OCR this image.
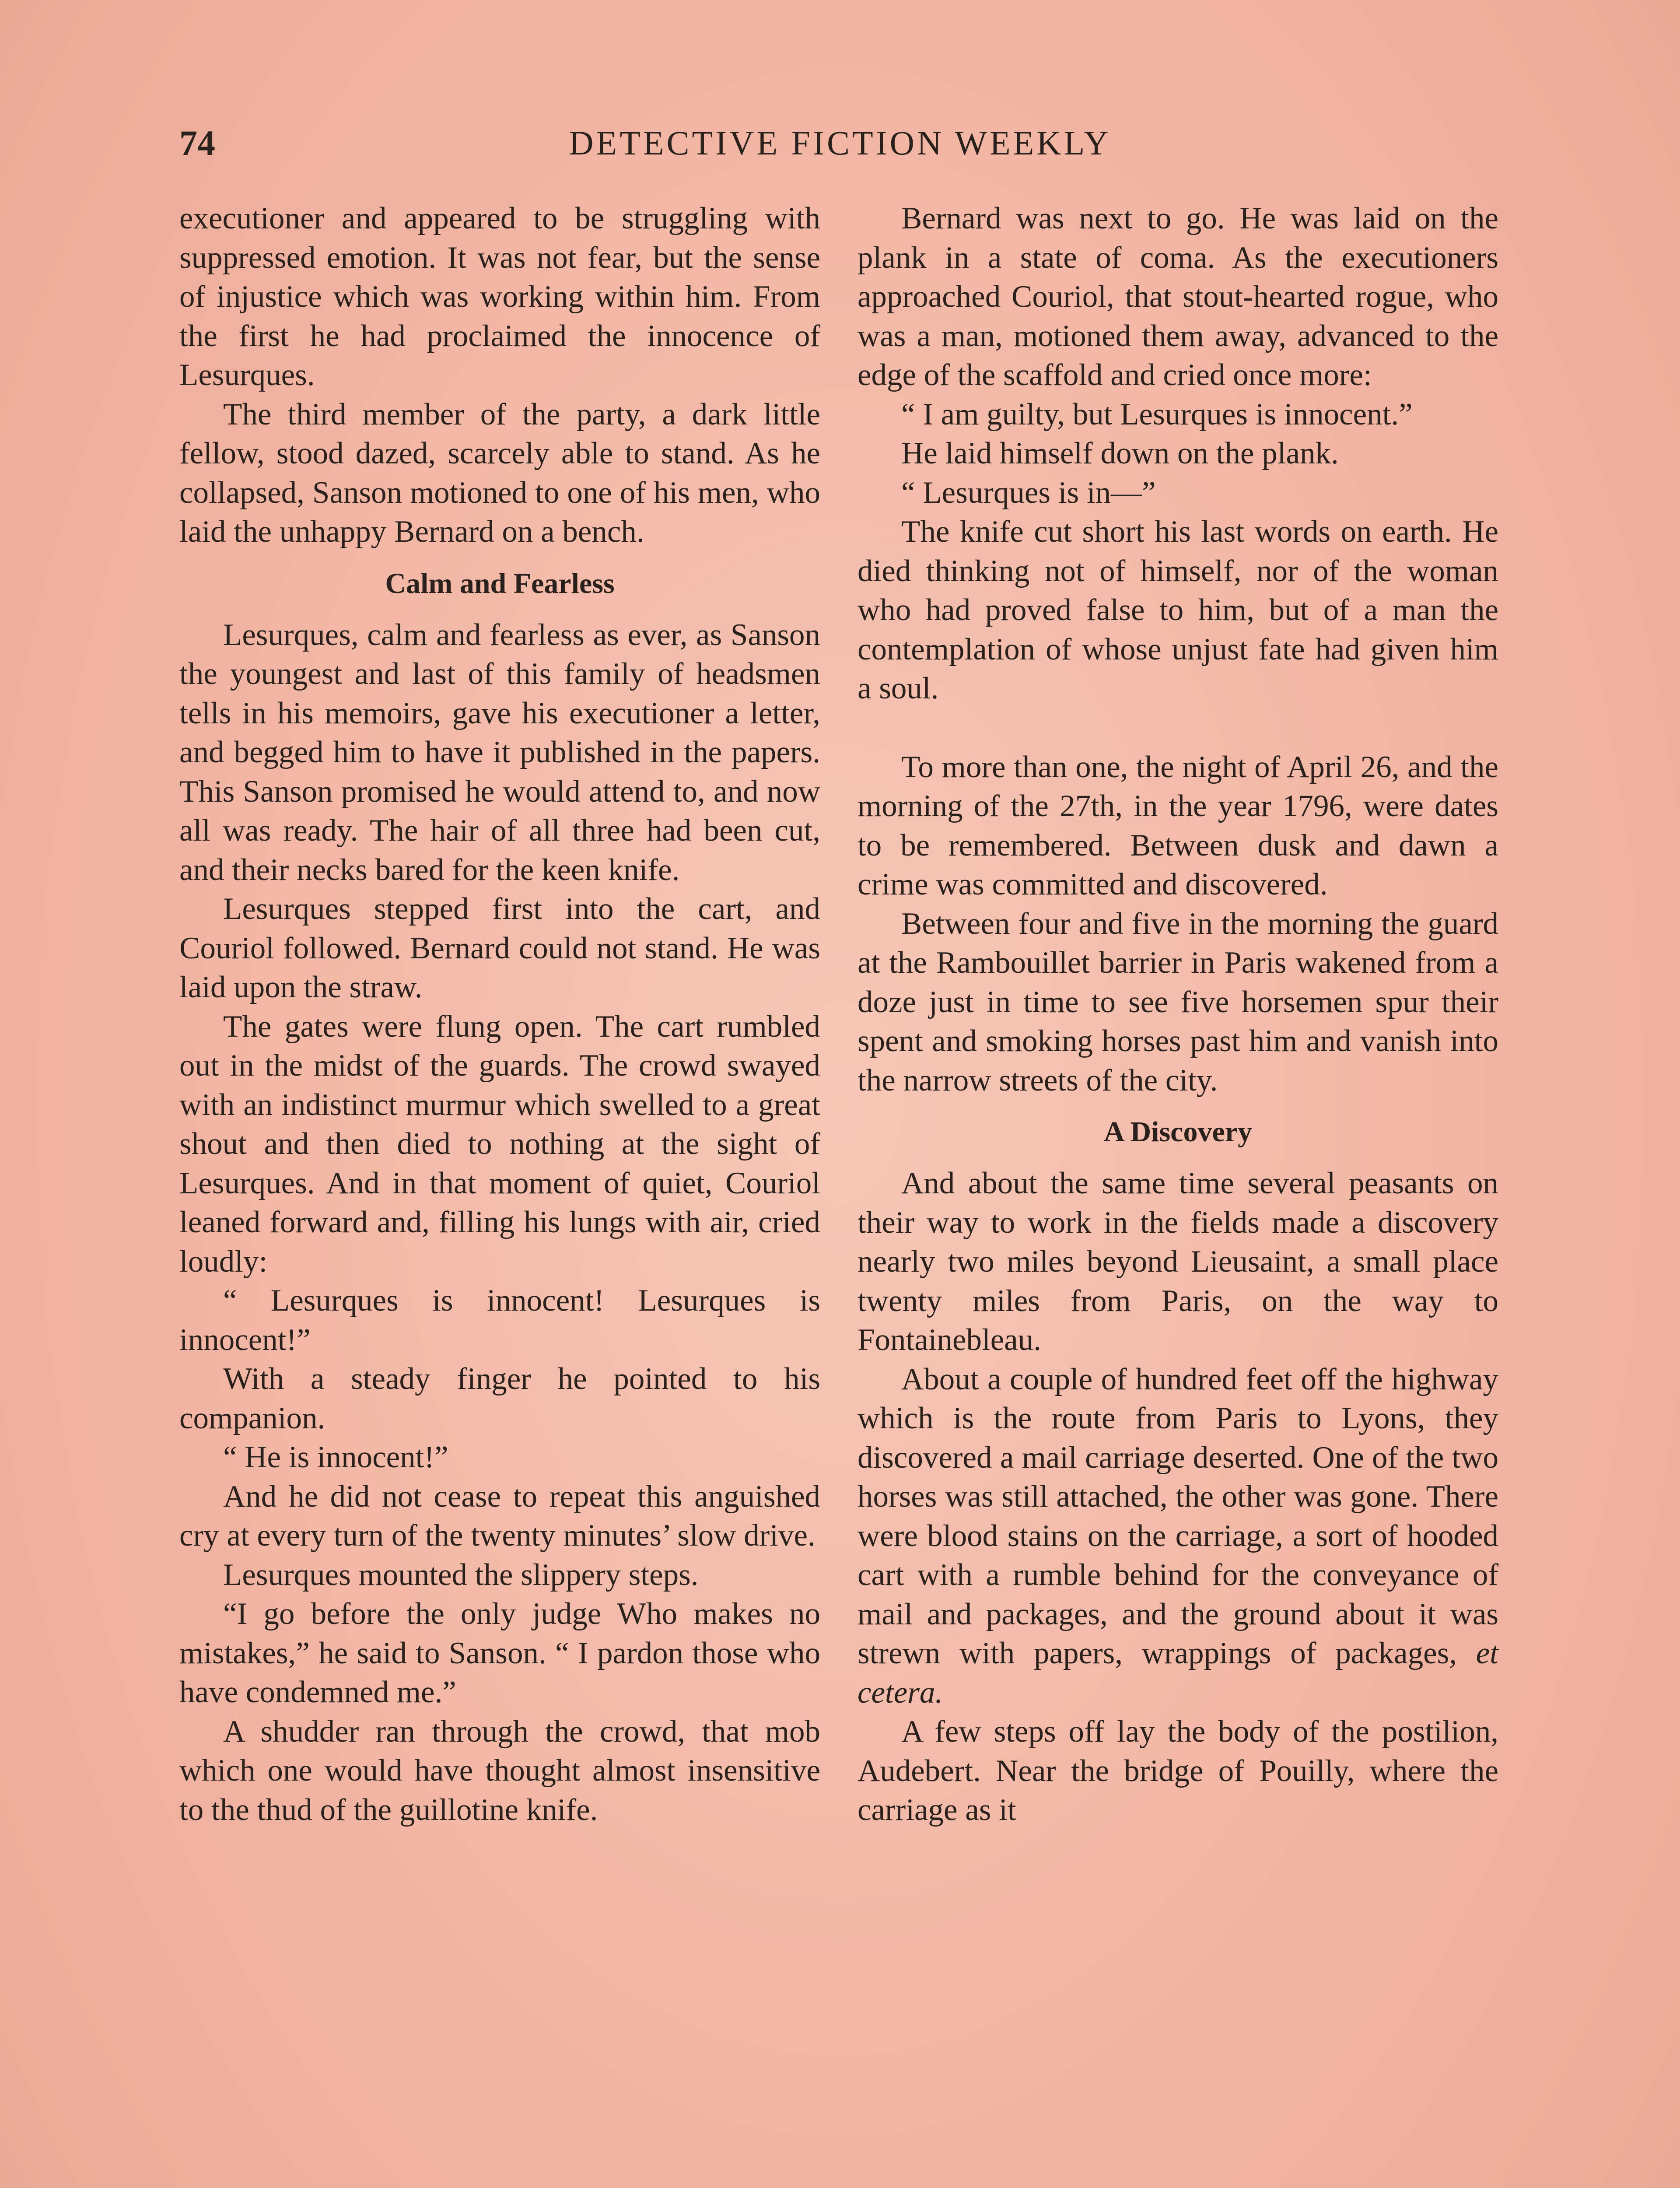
74	DETECTIVE FICTION WEEKLY

executioner and appeared to be struggling with suppressed emotion. It was not fear, but the sense of injustice which was working within him. From the first he had proclaimed the innocence of Lesurques.

The third member of the party, a dark little fellow, stood dazed, scarcely able to stand. As he collapsed, Sanson motioned to one of his men, who laid the unhappy Bernard on a bench.

Calm and Fearless

Lesurques, calm and fearless as ever, as Sanson the youngest and last of this family of headsmen tells in his memoirs, gave his executioner a letter, and begged him to have it published in the papers. This Sanson promised he would attend to, and now all was ready. The hair of all three had been cut, and their necks bared for the keen knife.

Lesurques stepped first into the cart, and Couriol followed. Bernard could not stand. He was laid upon the straw.

The gates were flung open. The cart rumbled out in the midst of the guards. The crowd swayed with an indistinct murmur which swelled to a great shout and then died to nothing at the sight of Lesurques. And in that moment of quiet, Couriol leaned forward and, filling his lungs with air, cried loudly:

“ Lesurques is innocent! Lesurques is innocent!”

With a steady finger he pointed to his companion.

“ He is innocent!”

And he did not cease to repeat this anguished cry at every turn of the twenty minutes’ slow drive.

Lesurques mounted the slippery steps.

“I go before the only judge Who makes no mistakes,” he said to Sanson. “ I pardon those who have condemned me.”

A shudder ran through the crowd, that mob which one would have thought almost insensitive to the thud of the guillotine knife.

Bernard was next to go. He was laid on the plank in a state of coma. As the executioners approached Couriol, that stout-hearted rogue, who was a man, motioned them away, advanced to the edge of the scaffold and cried once more:

“ I am guilty, but Lesurques is innocent.”

He laid himself down on the plank.

“ Lesurques is in—”

The knife cut short his last words on earth. He died thinking not of himself, nor of the woman who had proved false to him, but of a man the contemplation of whose unjust fate had given him a soul.

To more than one, the night of April 26, and the morning of the 27th, in the year 1796, were dates to be remembered. Between dusk and dawn a crime was committed and discovered.

Between four and five in the morning the guard at the Rambouillet barrier in Paris wakened from a doze just in time to see five horsemen spur their spent and smoking horses past him and vanish into the narrow streets of the city.

A Discovery

And about the same time several peasants on their way to work in the fields made a discovery nearly two miles beyond Lieusaint, a small place twenty miles from Paris, on the way to Fontainebleau.

About a couple of hundred feet off the highway which is the route from Paris to Lyons, they discovered a mail carriage deserted. One of the two horses was still attached, the other was gone. There were blood stains on the carriage, a sort of hooded cart with a rumble behind for the conveyance of mail and packages, and the ground about it was strewn with papers, wrappings of packages, et cetera.

A few steps off lay the body of the postilion, Audebert. Near the bridge of Pouilly, where the carriage as it
